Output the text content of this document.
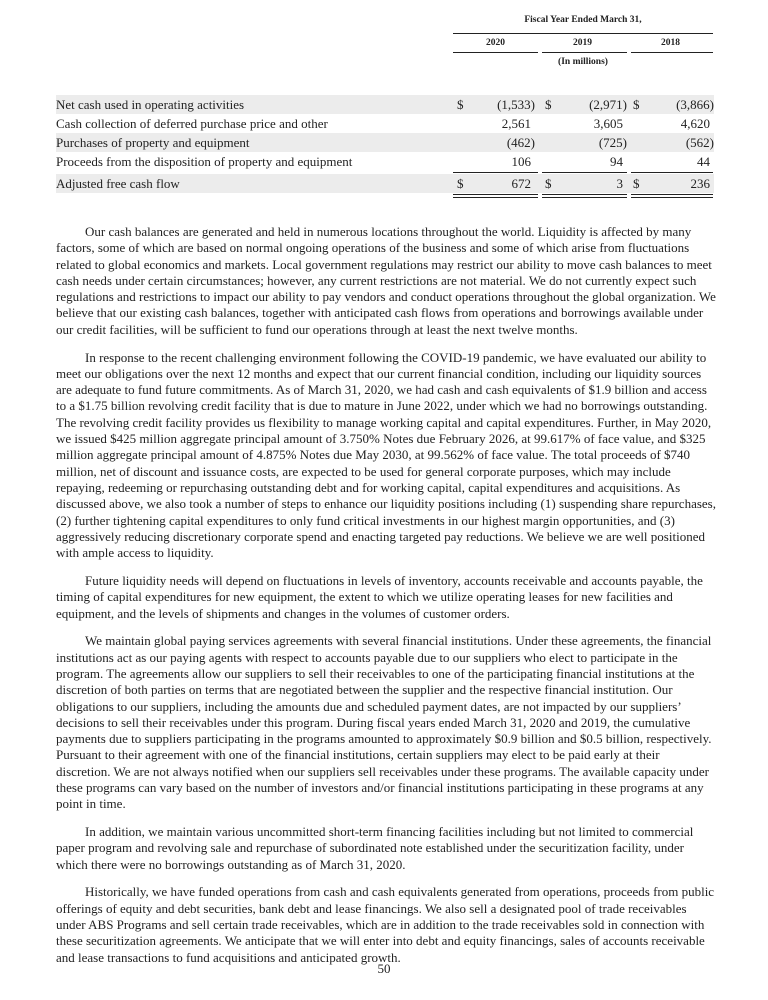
Fiscal Year Ended March 31,
2020	2019	2018
(In millions)
Net cash used in operating activities	$	(1,533) $	(2,971) $	(3,866)
Cash collection of deferred purchase price and other	2,561	3,605	4,620
Purchases of property and equipment	(462)	(725)	(562)
Proceeds from the disposition of property and equipment	106	94	44
Adjusted free cash flow	$	672 $	3 $	236

Our cash balances are generated and held in numerous locations throughout the world. Liquidity is affected by many factors, some of which are based on normal ongoing operations of the business and some of which arise from fluctuations related to global economics and markets. Local government regulations may restrict our ability to move cash balances to meet cash needs under certain circumstances; however, any current restrictions are not material. We do not currently expect such regulations and restrictions to impact our ability to pay vendors and conduct operations throughout the global organization. We believe that our existing cash balances, together with anticipated cash flows from operations and borrowings available under our credit facilities, will be sufficient to fund our operations through at least the next twelve months.

In response to the recent challenging environment following the COVID-19 pandemic, we have evaluated our ability to meet our obligations over the next 12 months and expect that our current financial condition, including our liquidity sources are adequate to fund future commitments. As of March 31, 2020, we had cash and cash equivalents of $1.9 billion and access to a $1.75 billion revolving credit facility that is due to mature in June 2022, under which we had no borrowings outstanding. The revolving credit facility provides us flexibility to manage working capital and capital expenditures. Further, in May 2020, we issued $425 million aggregate principal amount of 3.750% Notes due February 2026, at 99.617% of face value, and $325 million aggregate principal amount of 4.875% Notes due May 2030, at 99.562% of face value. The total proceeds of $740 million, net of discount and issuance costs, are expected to be used for general corporate purposes, which may include repaying, redeeming or repurchasing outstanding debt and for working capital, capital expenditures and acquisitions. As discussed above, we also took a number of steps to enhance our liquidity positions including (1) suspending share repurchases, (2) further tightening capital expenditures to only fund critical investments in our highest margin opportunities, and (3) aggressively reducing discretionary corporate spend and enacting targeted pay reductions. We believe we are well positioned with ample access to liquidity.

Future liquidity needs will depend on fluctuations in levels of inventory, accounts receivable and accounts payable, the timing of capital expenditures for new equipment, the extent to which we utilize operating leases for new facilities and equipment, and the levels of shipments and changes in the volumes of customer orders.

We maintain global paying services agreements with several financial institutions. Under these agreements, the financial institutions act as our paying agents with respect to accounts payable due to our suppliers who elect to participate in the program. The agreements allow our suppliers to sell their receivables to one of the participating financial institutions at the discretion of both parties on terms that are negotiated between the supplier and the respective financial institution. Our obligations to our suppliers, including the amounts due and scheduled payment dates, are not impacted by our suppliers’ decisions to sell their receivables under this program. During fiscal years ended March 31, 2020 and 2019, the cumulative payments due to suppliers participating in the programs amounted to approximately $0.9 billion and $0.5 billion, respectively. Pursuant to their agreement with one of the financial institutions, certain suppliers may elect to be paid early at their discretion. We are not always notified when our suppliers sell receivables under these programs. The available capacity under these programs can vary based on the number of investors and/or financial institutions participating in these programs at any point in time.

In addition, we maintain various uncommitted short-term financing facilities including but not limited to commercial paper program and revolving sale and repurchase of subordinated note established under the securitization facility, under which there were no borrowings outstanding as of March 31, 2020.

Historically, we have funded operations from cash and cash equivalents generated from operations, proceeds from public offerings of equity and debt securities, bank debt and lease financings. We also sell a designated pool of trade receivables under ABS Programs and sell certain trade receivables, which are in addition to the trade receivables sold in connection with these securitization agreements. We anticipate that we will enter into debt and equity financings, sales of accounts receivable and lease transactions to fund acquisitions and anticipated growth.

50
